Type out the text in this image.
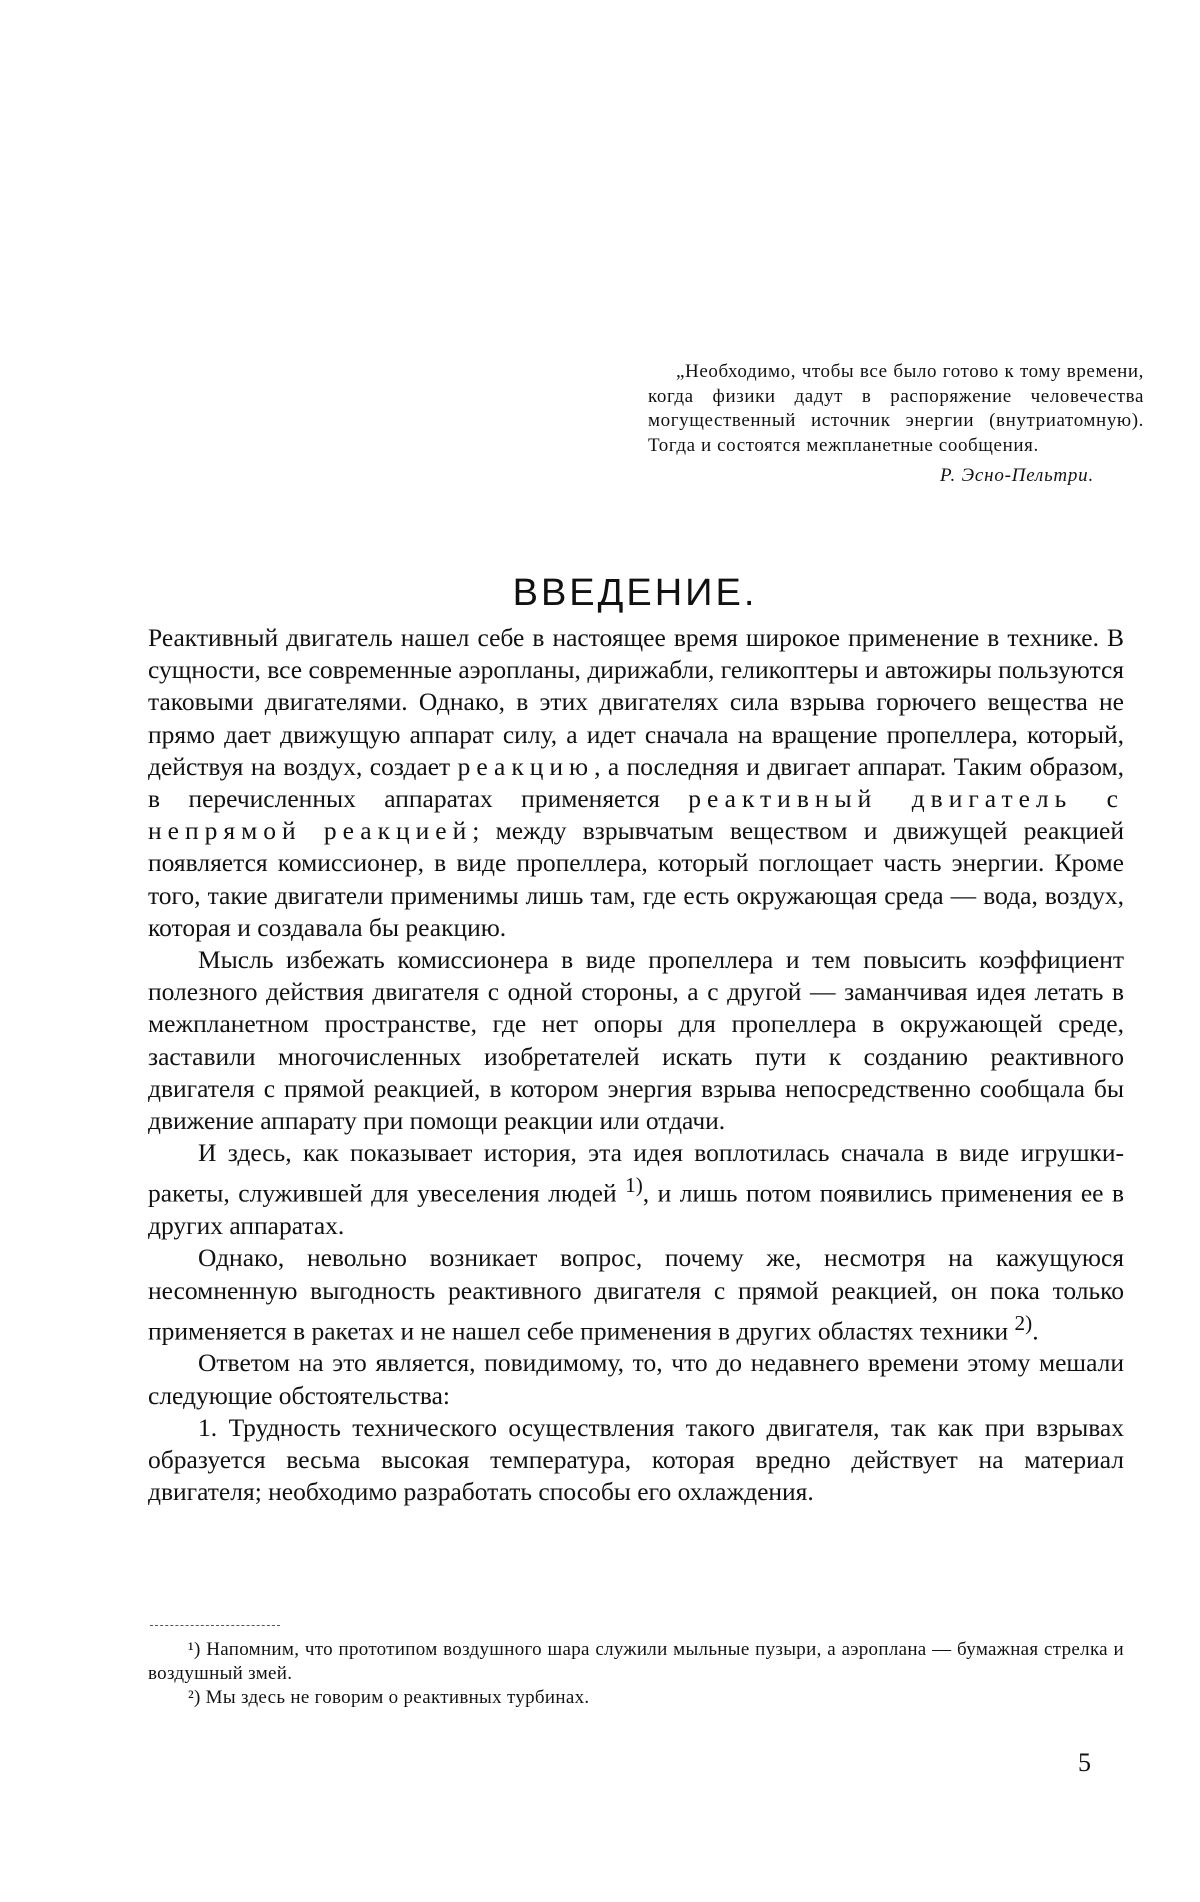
„Необходимо, чтобы все было готово к тому времени, когда физики дадут в распоряжение человечества могущественный источник энергии (внутриатомную). Тогда и состоятся межпланетные сообщения.

Р. Эсно-Пельтри.

ВВЕДЕНИЕ.

Реактивный двигатель нашел себе в настоящее время широкое применение в технике. В сущности, все современные аэропланы, дирижабли, геликоптеры и автожиры пользуются таковыми двигателями. Однако, в этих двигателях сила взрыва горючего вещества не прямо дает движущую аппарат силу, а идет сначала на вращение пропеллера, который, действуя на воздух, создает реакцию, а последняя и двигает аппарат. Таким образом, в перечисленных аппаратах применяется реактивный двигатель с непрямой реакцией; между взрывчатым веществом и движущей реакцией появляется комиссионер, в виде пропеллера, который поглощает часть энергии. Кроме того, такие двигатели применимы лишь там, где есть окружающая среда — вода, воздух, которая и создавала бы реакцию.

Мысль избежать комиссионера в виде пропеллера и тем повысить коэффициент полезного действия двигателя с одной стороны, а с другой — заманчивая идея летать в межпланетном пространстве, где нет опоры для пропеллера в окружающей среде, заставили многочисленных изобретателей искать пути к созданию реактивного двигателя с прямой реакцией, в котором энергия взрыва непосредственно сообщала бы движение аппарату при помощи реакции или отдачи.

И здесь, как показывает история, эта идея воплотилась сначала в виде игрушки-ракеты, служившей для увеселения людей $^{1)}$, и лишь потом появились применения ее в других аппаратах.

Однако, невольно возникает вопрос, почему же, несмотря на кажущуюся несомненную выгодность реактивного двигателя с прямой реакцией, он пока только применяется в ракетах и не нашел себе применения в других областях техники $^{2)}$.

Ответом на это является, повидимому, то, что до недавнего времени этому мешали следующие обстоятельства:

1. Трудность технического осуществления такого двигателя, так как при взрывах образуется весьма высокая температура, которая вредно действует на материал двигателя; необходимо разработать способы его охлаждения.

¹) Напомним, что прототипом воздушного шара служили мыльные пузыри, а аэроплана — бумажная стрелка и воздушный змей.

²) Мы здесь не говорим о реактивных турбинах.

5
